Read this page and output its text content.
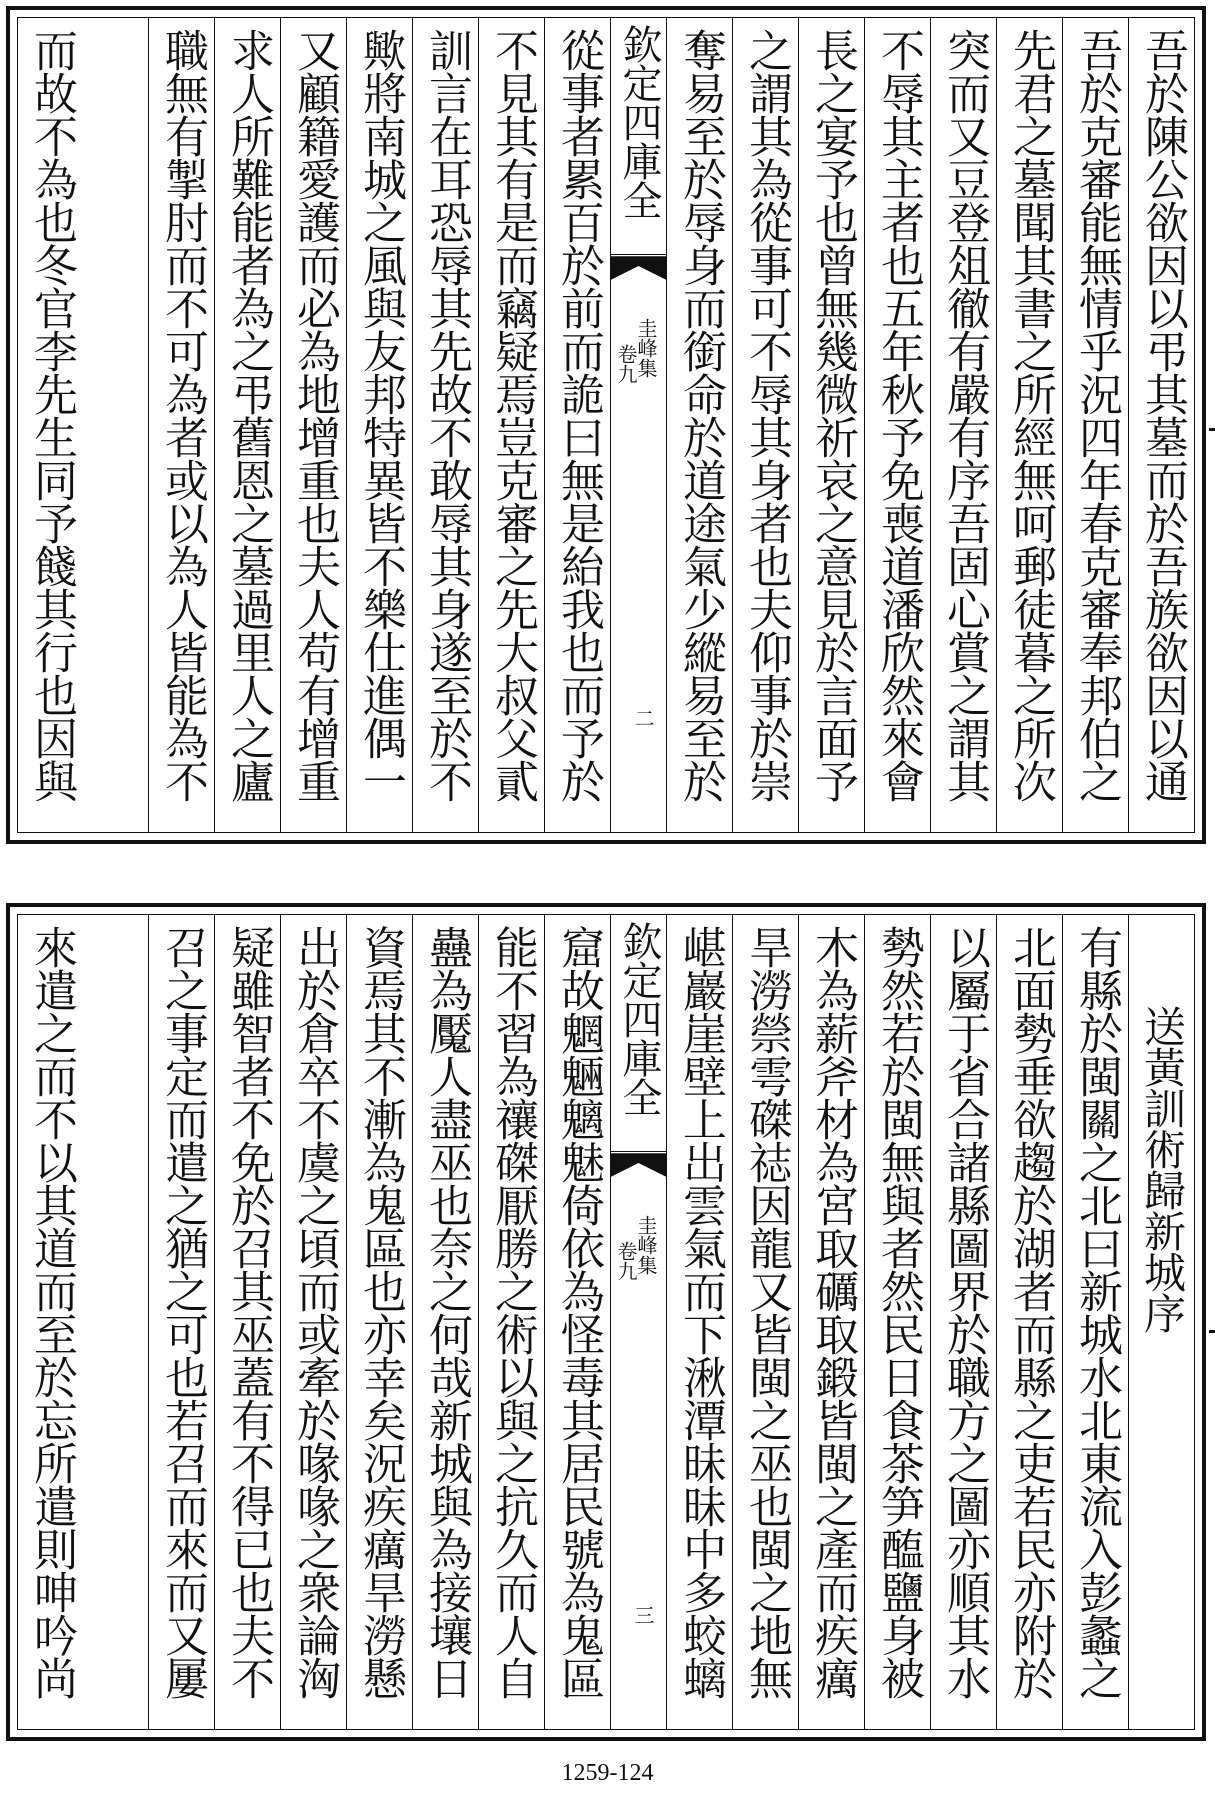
吾於陳公欲因以弔其墓而於吾族欲因以通
吾於克審能無情乎況四年春克審奉邦伯之
先君之墓聞其書之所經無呵郵徒暮之所次
突而又豆登俎徹有嚴有序吾固心賞之謂其
不辱其主者也五年秋予免喪道潘欣然來會
長之宴予也曾無幾微祈哀之意見於言面予
之謂其為從事可不辱其身者也夫仰事於崇
奪易至於辱身而銜命於道途氣少縱易至於
欽定四庫全
圭峰集
卷九
二
從事者累百於前而詭曰無是紿我也而予於
不見其有是而竊疑焉豈克審之先大叔父貳
訓言在耳恐辱其先故不敢辱其身遂至於不
歟將南城之風與友邦特異皆不樂仕進偶一
又顧籍愛護而必為地增重也夫人苟有增重
求人所難能者為之弔舊恩之墓過里人之廬
職無有掣肘而不可為者或以為人皆能為不
而故不為也冬官李先生同予餞其行也因與
送黃訓術歸新城序
有縣於閩關之北曰新城水北東流入彭蠡之
北面勢垂欲趨於湖者而縣之吏若民亦附於
以屬于省合諸縣圖界於職方之圖亦順其水
勢然若於閩無與者然民日食茶笋醢鹽身被
木為薪斧材為宮取礪取鍛皆閩之產而疾癘
旱澇禜雩磔䄊因龍又皆閩之巫也閩之地無
嵁巖崖壁上出雲氣而下湫潭昧昧中多蛟螭
欽定四庫全
圭峰集
卷九
三
窟故魍魎魑魅倚依為怪毒其居民號為鬼區
能不習為禳磔厭勝之術以與之抗久而人自
蠱為魘人盡巫也奈之何哉新城與為接壤日
資焉其不漸為鬼區也亦幸矣況疾癘旱澇懸
出於倉卒不虞之頃而或牽於喙喙之衆論洶
疑雖智者不免於召其巫蓋有不得已也夫不
召之事定而遣之猶之可也若召而來而又屢
來遣之而不以其道而至於忘所遣則呻吟尚
1259-124
